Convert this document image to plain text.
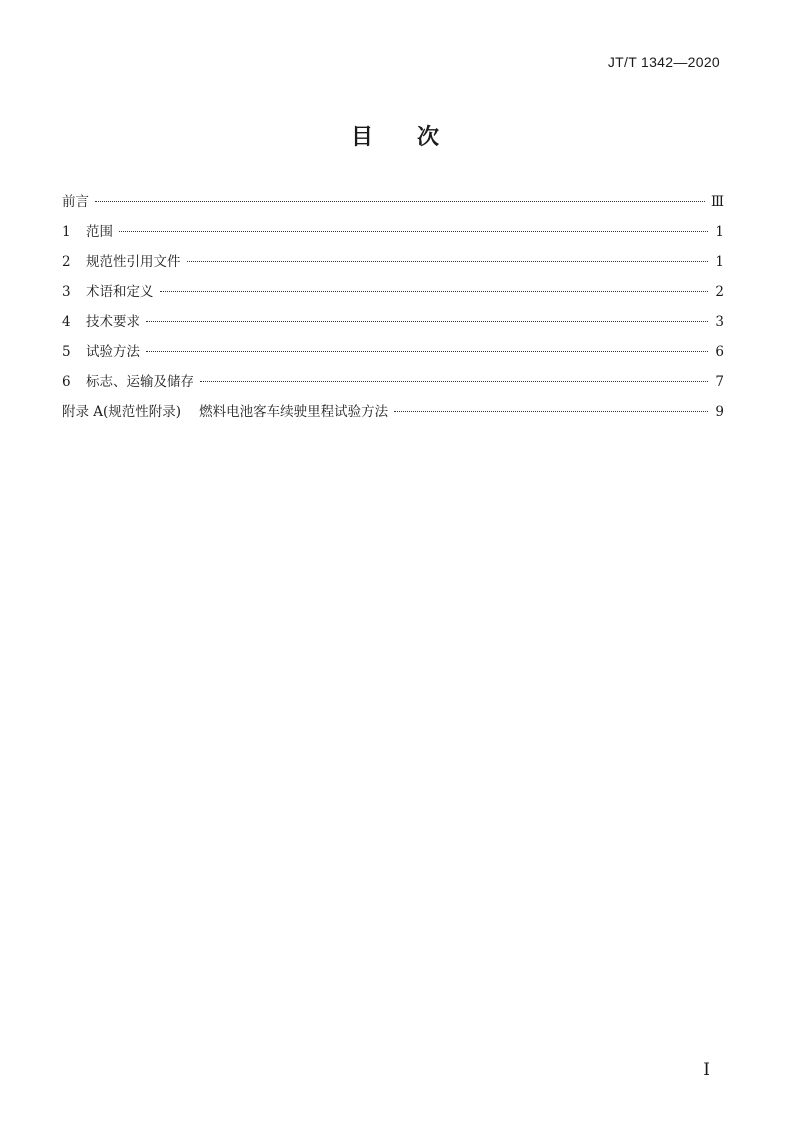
JT/T 1342—2020
目 次
前言	Ⅲ
1	范围	1
2	规范性引用文件	1
3	术语和定义	2
4	技术要求	3
5	试验方法	6
6	标志、运输及储存	7
附录 A(规范性附录) 燃料电池客车续驶里程试验方法	9
I
